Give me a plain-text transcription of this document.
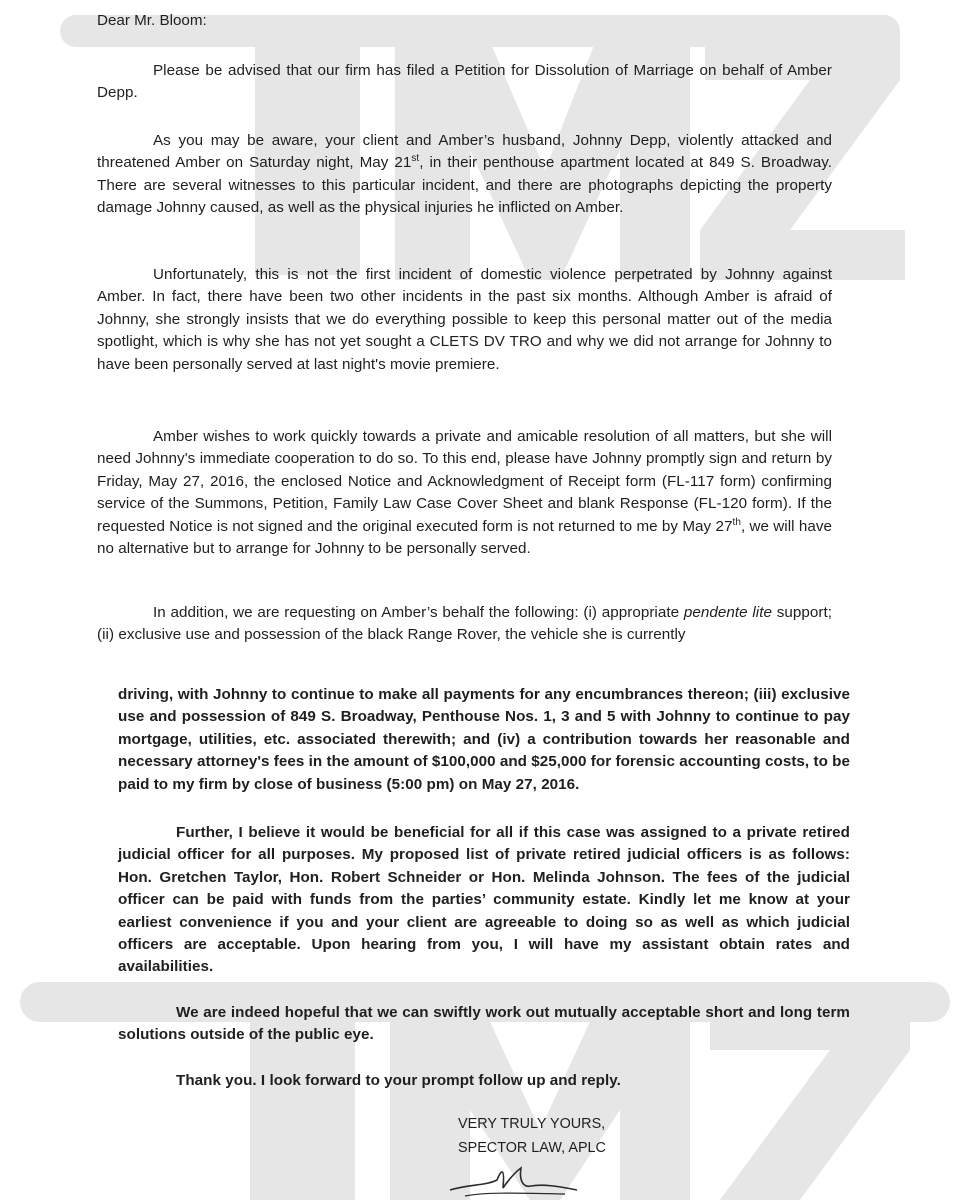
Dear Mr. Bloom:

Please be advised that our firm has filed a Petition for Dissolution of Marriage on behalf of Amber Depp.

As you may be aware, your client and Amber’s husband, Johnny Depp, violently attacked and threatened Amber on Saturday night, May 21st, in their penthouse apartment located at 849 S. Broadway. There are several witnesses to this particular incident, and there are photographs depicting the property damage Johnny caused, as well as the physical injuries he inflicted on Amber.

Unfortunately, this is not the first incident of domestic violence perpetrated by Johnny against Amber. In fact, there have been two other incidents in the past six months. Although Amber is afraid of Johnny, she strongly insists that we do everything possible to keep this personal matter out of the media spotlight, which is why she has not yet sought a CLETS DV TRO and why we did not arrange for Johnny to have been personally served at last night's movie premiere.

Amber wishes to work quickly towards a private and amicable resolution of all matters, but she will need Johnny's immediate cooperation to do so. To this end, please have Johnny promptly sign and return by Friday, May 27, 2016, the enclosed Notice and Acknowledgment of Receipt form (FL-117 form) confirming service of the Summons, Petition, Family Law Case Cover Sheet and blank Response (FL-120 form). If the requested Notice is not signed and the original executed form is not returned to me by May 27th, we will have no alternative but to arrange for Johnny to be personally served.

In addition, we are requesting on Amber’s behalf the following: (i) appropriate pendente lite support; (ii) exclusive use and possession of the black Range Rover, the vehicle she is currently

driving, with Johnny to continue to make all payments for any encumbrances thereon; (iii) exclusive use and possession of 849 S. Broadway, Penthouse Nos. 1, 3 and 5 with Johnny to continue to pay mortgage, utilities, etc. associated therewith; and (iv) a contribution towards her reasonable and necessary attorney's fees in the amount of $100,000 and $25,000 for forensic accounting costs, to be paid to my firm by close of business (5:00 pm) on May 27, 2016.

Further, I believe it would be beneficial for all if this case was assigned to a private retired judicial officer for all purposes. My proposed list of private retired judicial officers is as follows: Hon. Gretchen Taylor, Hon. Robert Schneider or Hon. Melinda Johnson. The fees of the judicial officer can be paid with funds from the parties’ community estate. Kindly let me know at your earliest convenience if you and your client are agreeable to doing so as well as which judicial officers are acceptable. Upon hearing from you, I will have my assistant obtain rates and availabilities.

We are indeed hopeful that we can swiftly work out mutually acceptable short and long term solutions outside of the public eye.

Thank you. I look forward to your prompt follow up and reply.

VERY TRULY YOURS,
SPECTOR LAW, APLC
